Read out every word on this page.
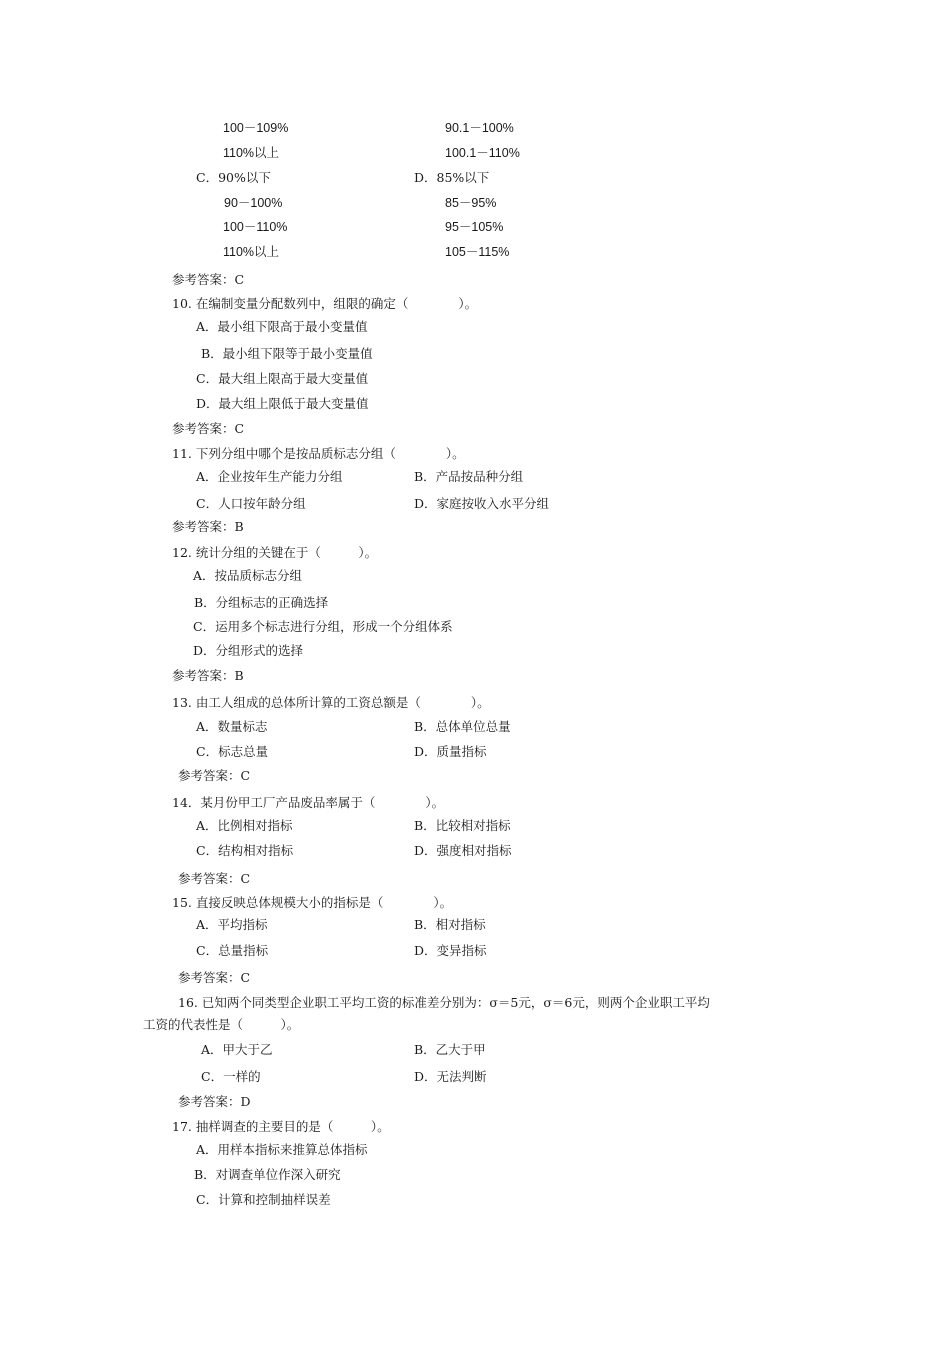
100－109%	90.1－100%
110%以上	100.1－110%
C．90%以下	D．85%以下
90－100%	85－95%
100－110%	95－105%
110%以上	105－115%
参考答案：C
10. 在编制变量分配数列中，组限的确定（　　　　）。
A．最小组下限高于最小变量值
B．最小组下限等于最小变量值
C．最大组上限高于最大变量值
D．最大组上限低于最大变量值
参考答案：C
11. 下列分组中哪个是按品质标志分组（　　　　）。
A．企业按年生产能力分组	B．产品按品种分组
C．人口按年龄分组	D．家庭按收入水平分组
参考答案：B
12. 统计分组的关键在于（　　　）。
A．按品质标志分组
B．分组标志的正确选择
C．运用多个标志进行分组，形成一个分组体系
D．分组形式的选择
参考答案：B
13. 由工人组成的总体所计算的工资总额是（　　　　）。
A．数量标志	B．总体单位总量
C．标志总量	D．质量指标
参考答案：C
14．某月份甲工厂产品废品率属于（　　　　）。
A．比例相对指标	B．比较相对指标
C．结构相对指标	D．强度相对指标
参考答案：C
15. 直接反映总体规模大小的指标是（　　　　）。
A．平均指标	B．相对指标
C．总量指标	D．变异指标
参考答案：C
16. 已知两个同类型企业职工平均工资的标准差分别为：σ＝5元，σ＝6元，则两个企业职工平均
工资的代表性是（　　　）。
A．甲大于乙	B．乙大于甲
C．一样的	D．无法判断
参考答案：D
17. 抽样调查的主要目的是（　　　）。
A．用样本指标来推算总体指标
B．对调查单位作深入研究
C．计算和控制抽样误差
